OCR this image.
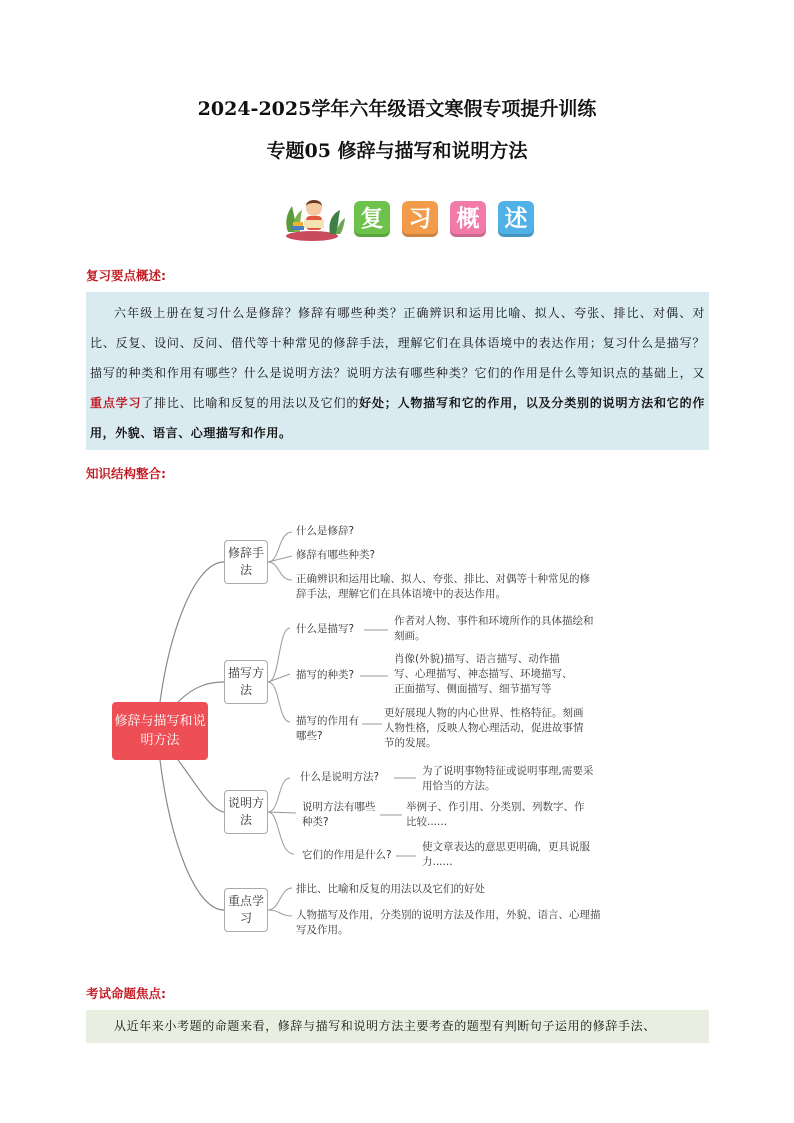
2024-2025学年六年级语文寒假专项提升训练
专题05 修辞与描写和说明方法
复 习 概 述
复习要点概述:

六年级上册在复习什么是修辞？修辞有哪些种类？正确辨识和运用比喻、拟人、夸张、排比、对偶、对比、反复、设问、反问、借代等十种常见的修辞手法，理解它们在具体语境中的表达作用；复习什么是描写？描写的种类和作用有哪些？什么是说明方法？说明方法有哪些种类？它们的作用是什么等知识点的基础上，又重点学习了排比、比喻和反复的用法以及它们的好处；人物描写和它的作用，以及分类别的说明方法和它的作用，外貌、语言、心理描写和作用。

知识结构整合:
修辞与描写和说明方法
修辞手法
什么是修辞?
修辞有哪些种类?
正确辨识和运用比喻、拟人、夸张、排比、对偶等十种常见的修辞手法，理解它们在具体语境中的表达作用。
描写方法
什么是描写?
作者对人物、事件和环境所作的具体描绘和刻画。
描写的种类?
肖像(外貌)描写、语言描写、动作描写、心理描写、神态描写、环境描写、正面描写、侧面描写、细节描写等
描写的作用有哪些?
更好展现人物的内心世界、性格特征。刻画人物性格，反映人物心理活动，促进故事情节的发展。
说明方法
什么是说明方法?	为了说明事物特征或说明事理,需要采用恰当的方法。
说明方法有哪些种类?
举例子、作引用、分类别、列数字、作比较......
它们的作用是什么?
使文章表达的意思更明确，更具说服力......
重点学习
排比、比喻和反复的用法以及它们的好处
人物描写及作用，分类别的说明方法及作用，外貌、语言、心理描写及作用。
考试命题焦点:

从近年来小考题的命题来看，修辞与描写和说明方法主要考查的题型有判断句子运用的修辞手法、
